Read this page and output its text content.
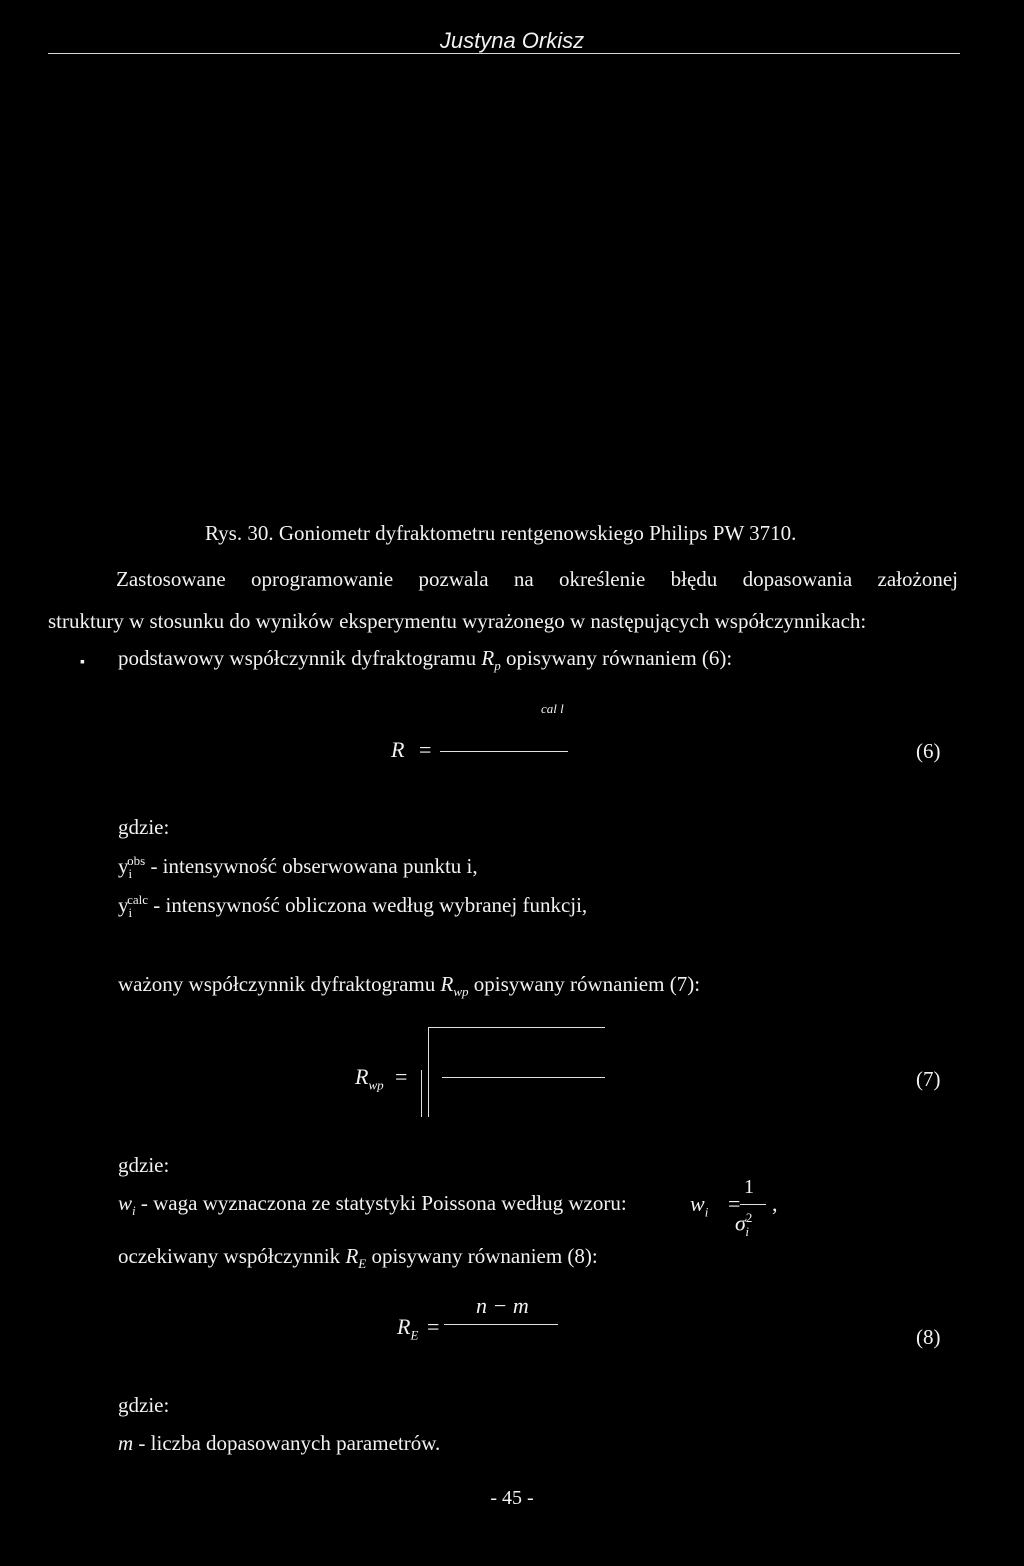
Justyna Orkisz
Rys. 30. Goniometr dyfraktometru rentgenowskiego Philips PW 3710.
Zastosowane oprogramowanie pozwala na określenie błędu dopasowania założonej
struktury w stosunku do wyników eksperymentu wyrażonego w następujących współczynnikach:
▪ podstawowy współczynnik dyfraktogramu $R_p$ opisywany równaniem (6):
cal l
R =	(6)
gdzie:
$y_i^{obs}$ - intensywność obserwowana punktu i,
$y_i^{calc}$ - intensywność obliczona według wybranej funkcji,
ważony współczynnik dyfraktogramu $R_{wp}$ opisywany równaniem (7):
$R_{wp}$ =	(7)
gdzie:
$w_i$ - waga wyznaczona ze statystyki Poissona według wzoru:	$w_i$ =
1
$\sigma^2_i$
,
oczekiwany współczynnik $R_E$ opisywany równaniem (8):
n − m
$R_E$ =	(8)
gdzie:
m - liczba dopasowanych parametrów.
- 45 -
